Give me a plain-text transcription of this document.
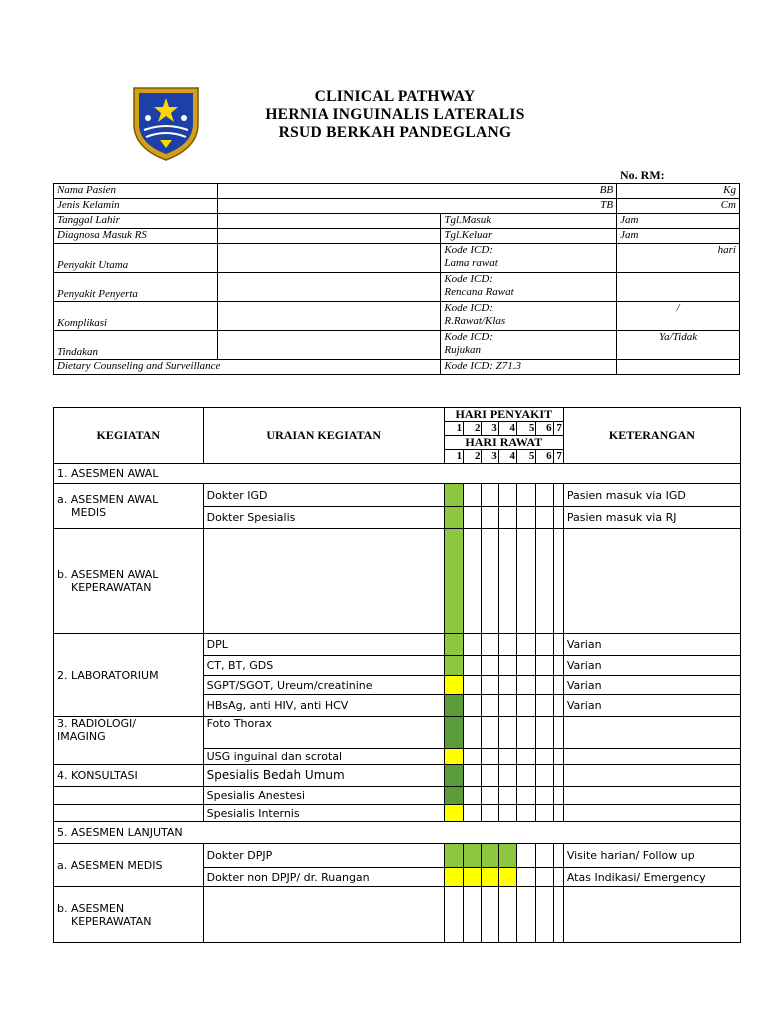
CLINICAL PATHWAY
HERNIA INGUINALIS LATERALIS
RSUD BERKAH PANDEGLANG
No. RM:
Nama Pasien	BB		Kg
Jenis Kelamin	TB		Cm
Tanggal Lahir		Tgl.Masuk	Jam
Diagnosa Masuk RS		Tgl.Keluar	Jam
Penyakit Utama		Kode ICD:
Lama rawat	hari
Penyakit Penyerta		Kode ICD:
Rencana Rawat	
Komplikasi		Kode ICD:
R.Rawat/Klas	/
Tindakan		Kode ICD:
Rujukan	Ya/Tidak
Dietary Counseling and Surveillance		Kode ICD: Z71.3	
KEGIATAN	URAIAN KEGIATAN	HARI PENYAKIT							KETERANGAN
		1	2	3	4	5	6	7	
		HARI RAWAT							
		1	2	3	4	5	6	7	
1. ASESMEN AWAL									
a. ASESMEN AWAL

MEDIS	Dokter IGD								Pasien masuk via IGD
	Dokter Spesialis								Pasien masuk via RJ
b. ASESMEN AWAL

KEPERAWATAN									

2. LABORATORIUM	DPL								Varian
	CT, BT, GDS								Varian
	SGPT/SGOT, Ureum/creatinine								Varian
	HBsAg, anti HIV, anti HCV								Varian
3. RADIOLOGI/
IMAGING	Foto Thorax								
	USG inguinal dan scrotal								
4. KONSULTASI	Spesialis Bedah Umum								
	Spesialis Anestesi								
	Spesialis Internis								
5. ASESMEN LANJUTAN									
a. ASESMEN MEDIS	Dokter DPJP								Visite harian/ Follow up
	Dokter non DPJP/ dr. Ruangan								Atas Indikasi/ Emergency
b. ASESMEN

KEPERAWATAN									
